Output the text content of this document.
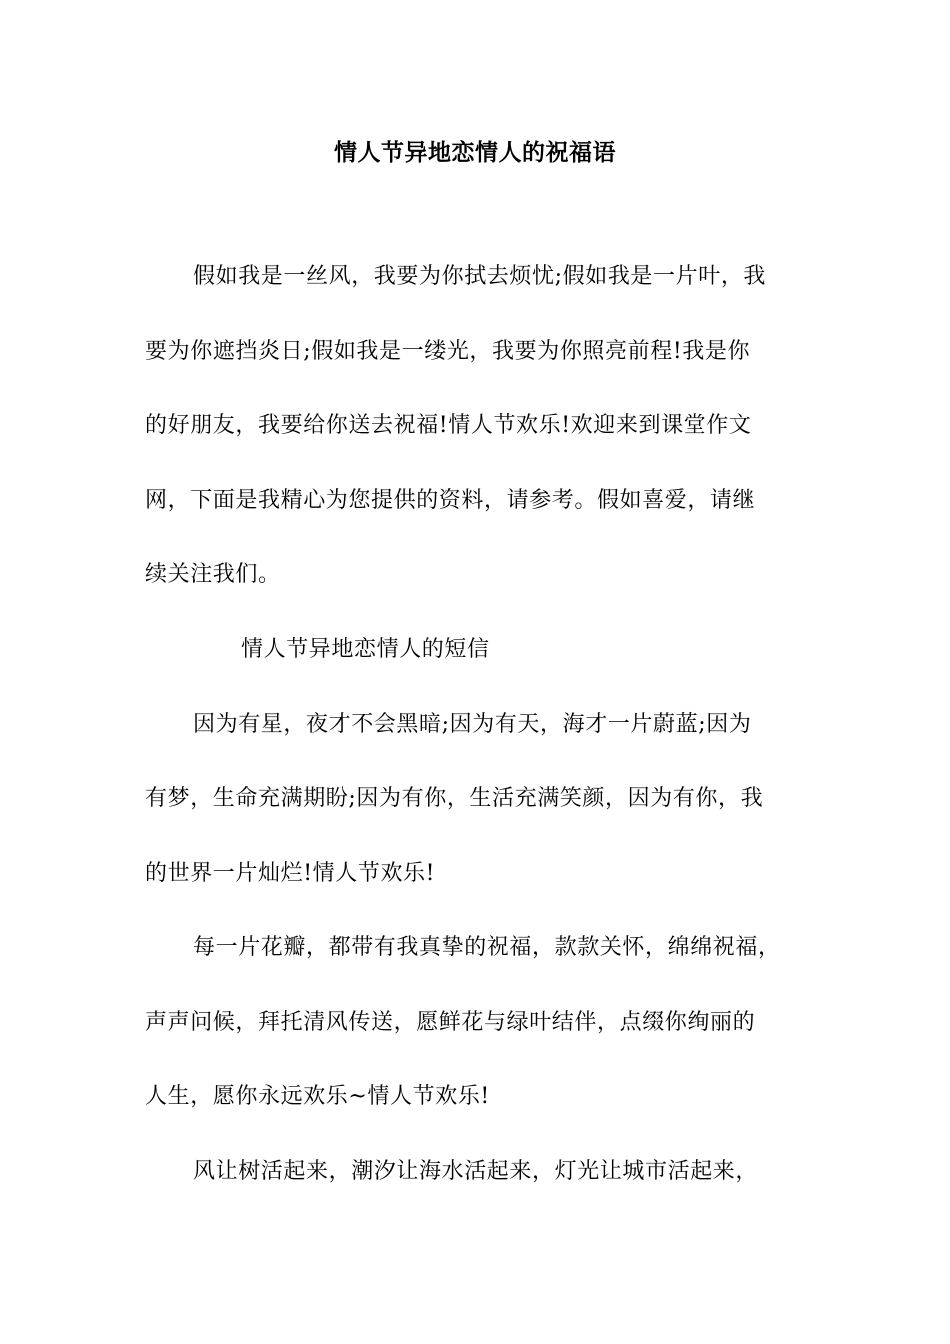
情人节异地恋情人的祝福语

假如我是一丝风，我要为你拭去烦忧;假如我是一片叶，我

要为你遮挡炎日;假如我是一缕光，我要为你照亮前程!我是你

的好朋友，我要给你送去祝福!情人节欢乐!欢迎来到课堂作文

网，下面是我精心为您提供的资料，请参考。假如喜爱，请继

续关注我们。

情人节异地恋情人的短信

因为有星，夜才不会黑暗;因为有天，海才一片蔚蓝;因为

有梦，生命充满期盼;因为有你，生活充满笑颜，因为有你，我

的世界一片灿烂!情人节欢乐!

每一片花瓣，都带有我真挚的祝福，款款关怀，绵绵祝福，

声声问候，拜托清风传送，愿鲜花与绿叶结伴，点缀你绚丽的

人生，愿你永远欢乐~情人节欢乐!

风让树活起来，潮汐让海水活起来，灯光让城市活起来，
